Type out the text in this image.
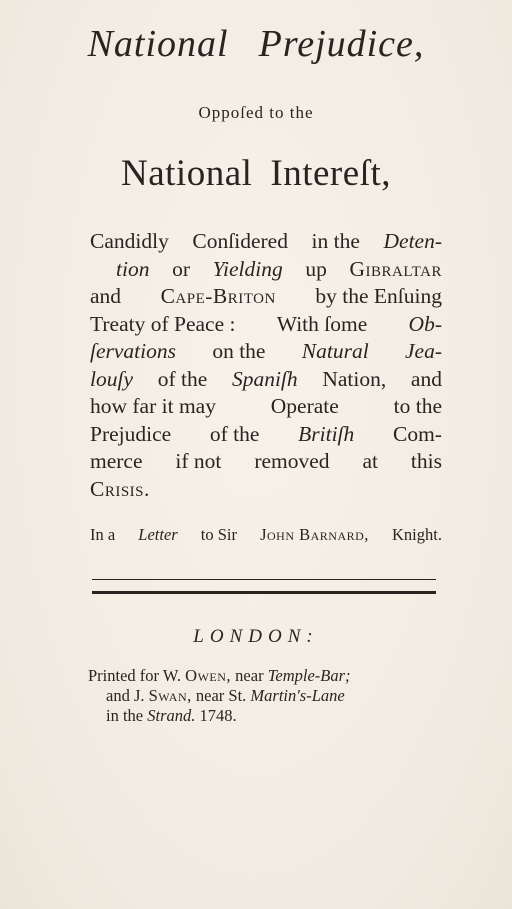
National Prejudice,
Oppoſed to the
National Intereſt,
Candidly Conſidered in the Deten-
tion or Yielding up Gibraltar
and Cape-Briton by the Enſuing
Treaty of Peace : With ſome Ob-
ſervations on the Natural Jea-
louſy of the Spaniſh Nation, and
how far it may	Operate	to the
Prejudice of the Britiſh Com-
merce if not removed at this
Crisis.
In a Letter to Sir John Barnard, Knight.
LONDON:
Printed for W. Owen, near Temple-Bar;
and J. Swan, near St. Martin's-Lane
in the Strand. 1748.
